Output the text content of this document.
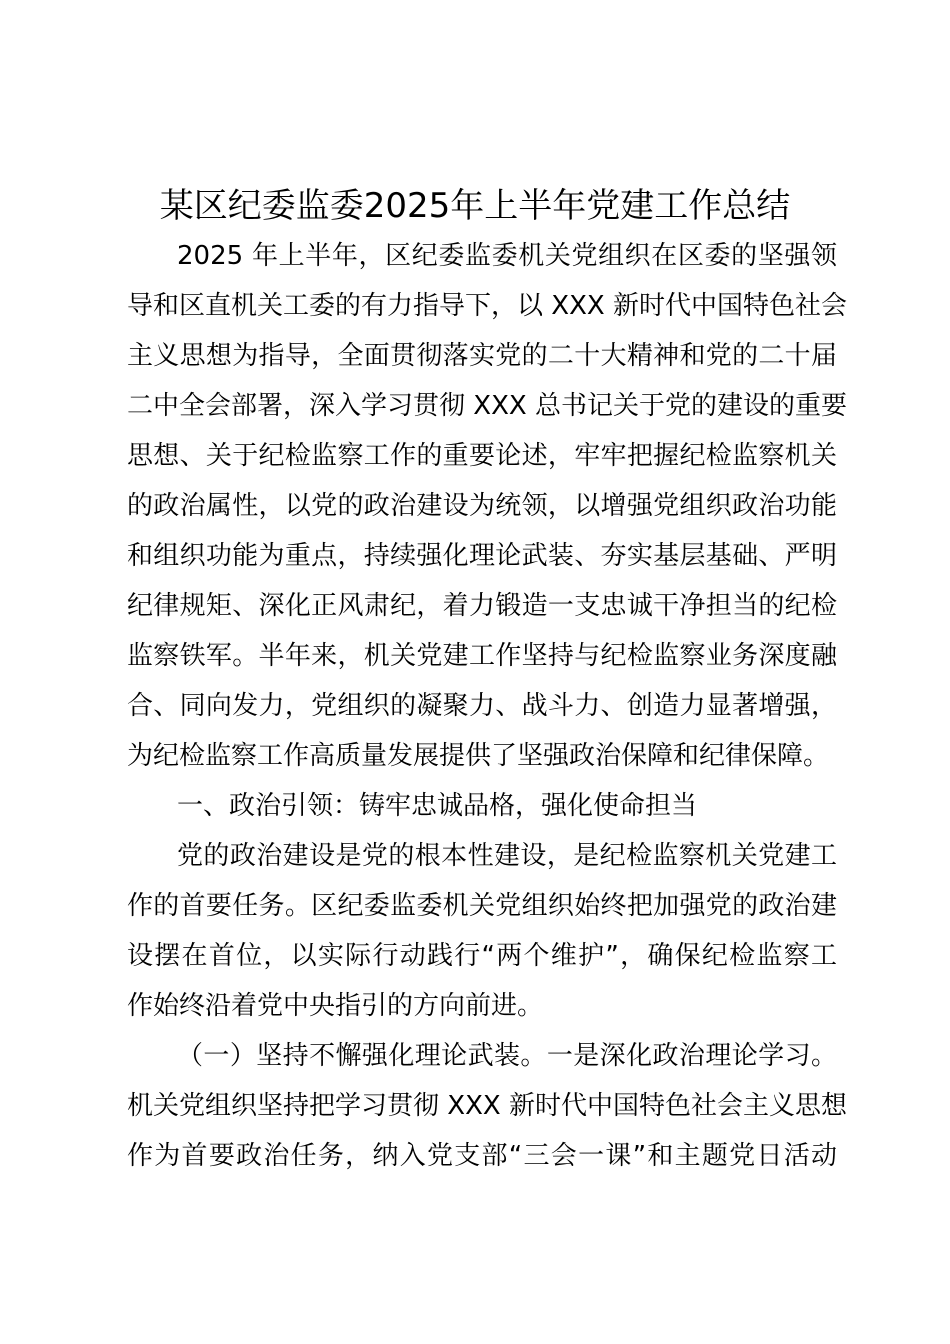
某区纪委监委2025年上半年党建工作总结
2025 年上半年，区纪委监委机关党组织在区委的坚强领
导和区直机关工委的有力指导下，以 XXX 新时代中国特色社会
主义思想为指导，全面贯彻落实党的二十大精神和党的二十届
二中全会部署，深入学习贯彻 XXX 总书记关于党的建设的重要
思想、关于纪检监察工作的重要论述，牢牢把握纪检监察机关
的政治属性，以党的政治建设为统领，以增强党组织政治功能
和组织功能为重点，持续强化理论武装、夯实基层基础、严明
纪律规矩、深化正风肃纪，着力锻造一支忠诚干净担当的纪检
监察铁军。半年来，机关党建工作坚持与纪检监察业务深度融
合、同向发力，党组织的凝聚力、战斗力、创造力显著增强，
为纪检监察工作高质量发展提供了坚强政治保障和纪律保障。
一、政治引领：铸牢忠诚品格，强化使命担当
党的政治建设是党的根本性建设，是纪检监察机关党建工
作的首要任务。区纪委监委机关党组织始终把加强党的政治建
设摆在首位，以实际行动践行“两个维护”，确保纪检监察工
作始终沿着党中央指引的方向前进。
（一）坚持不懈强化理论武装。一是深化政治理论学习。
机关党组织坚持把学习贯彻 XXX 新时代中国特色社会主义思想
作为首要政治任务，纳入党支部“三会一课”和主题党日活动
